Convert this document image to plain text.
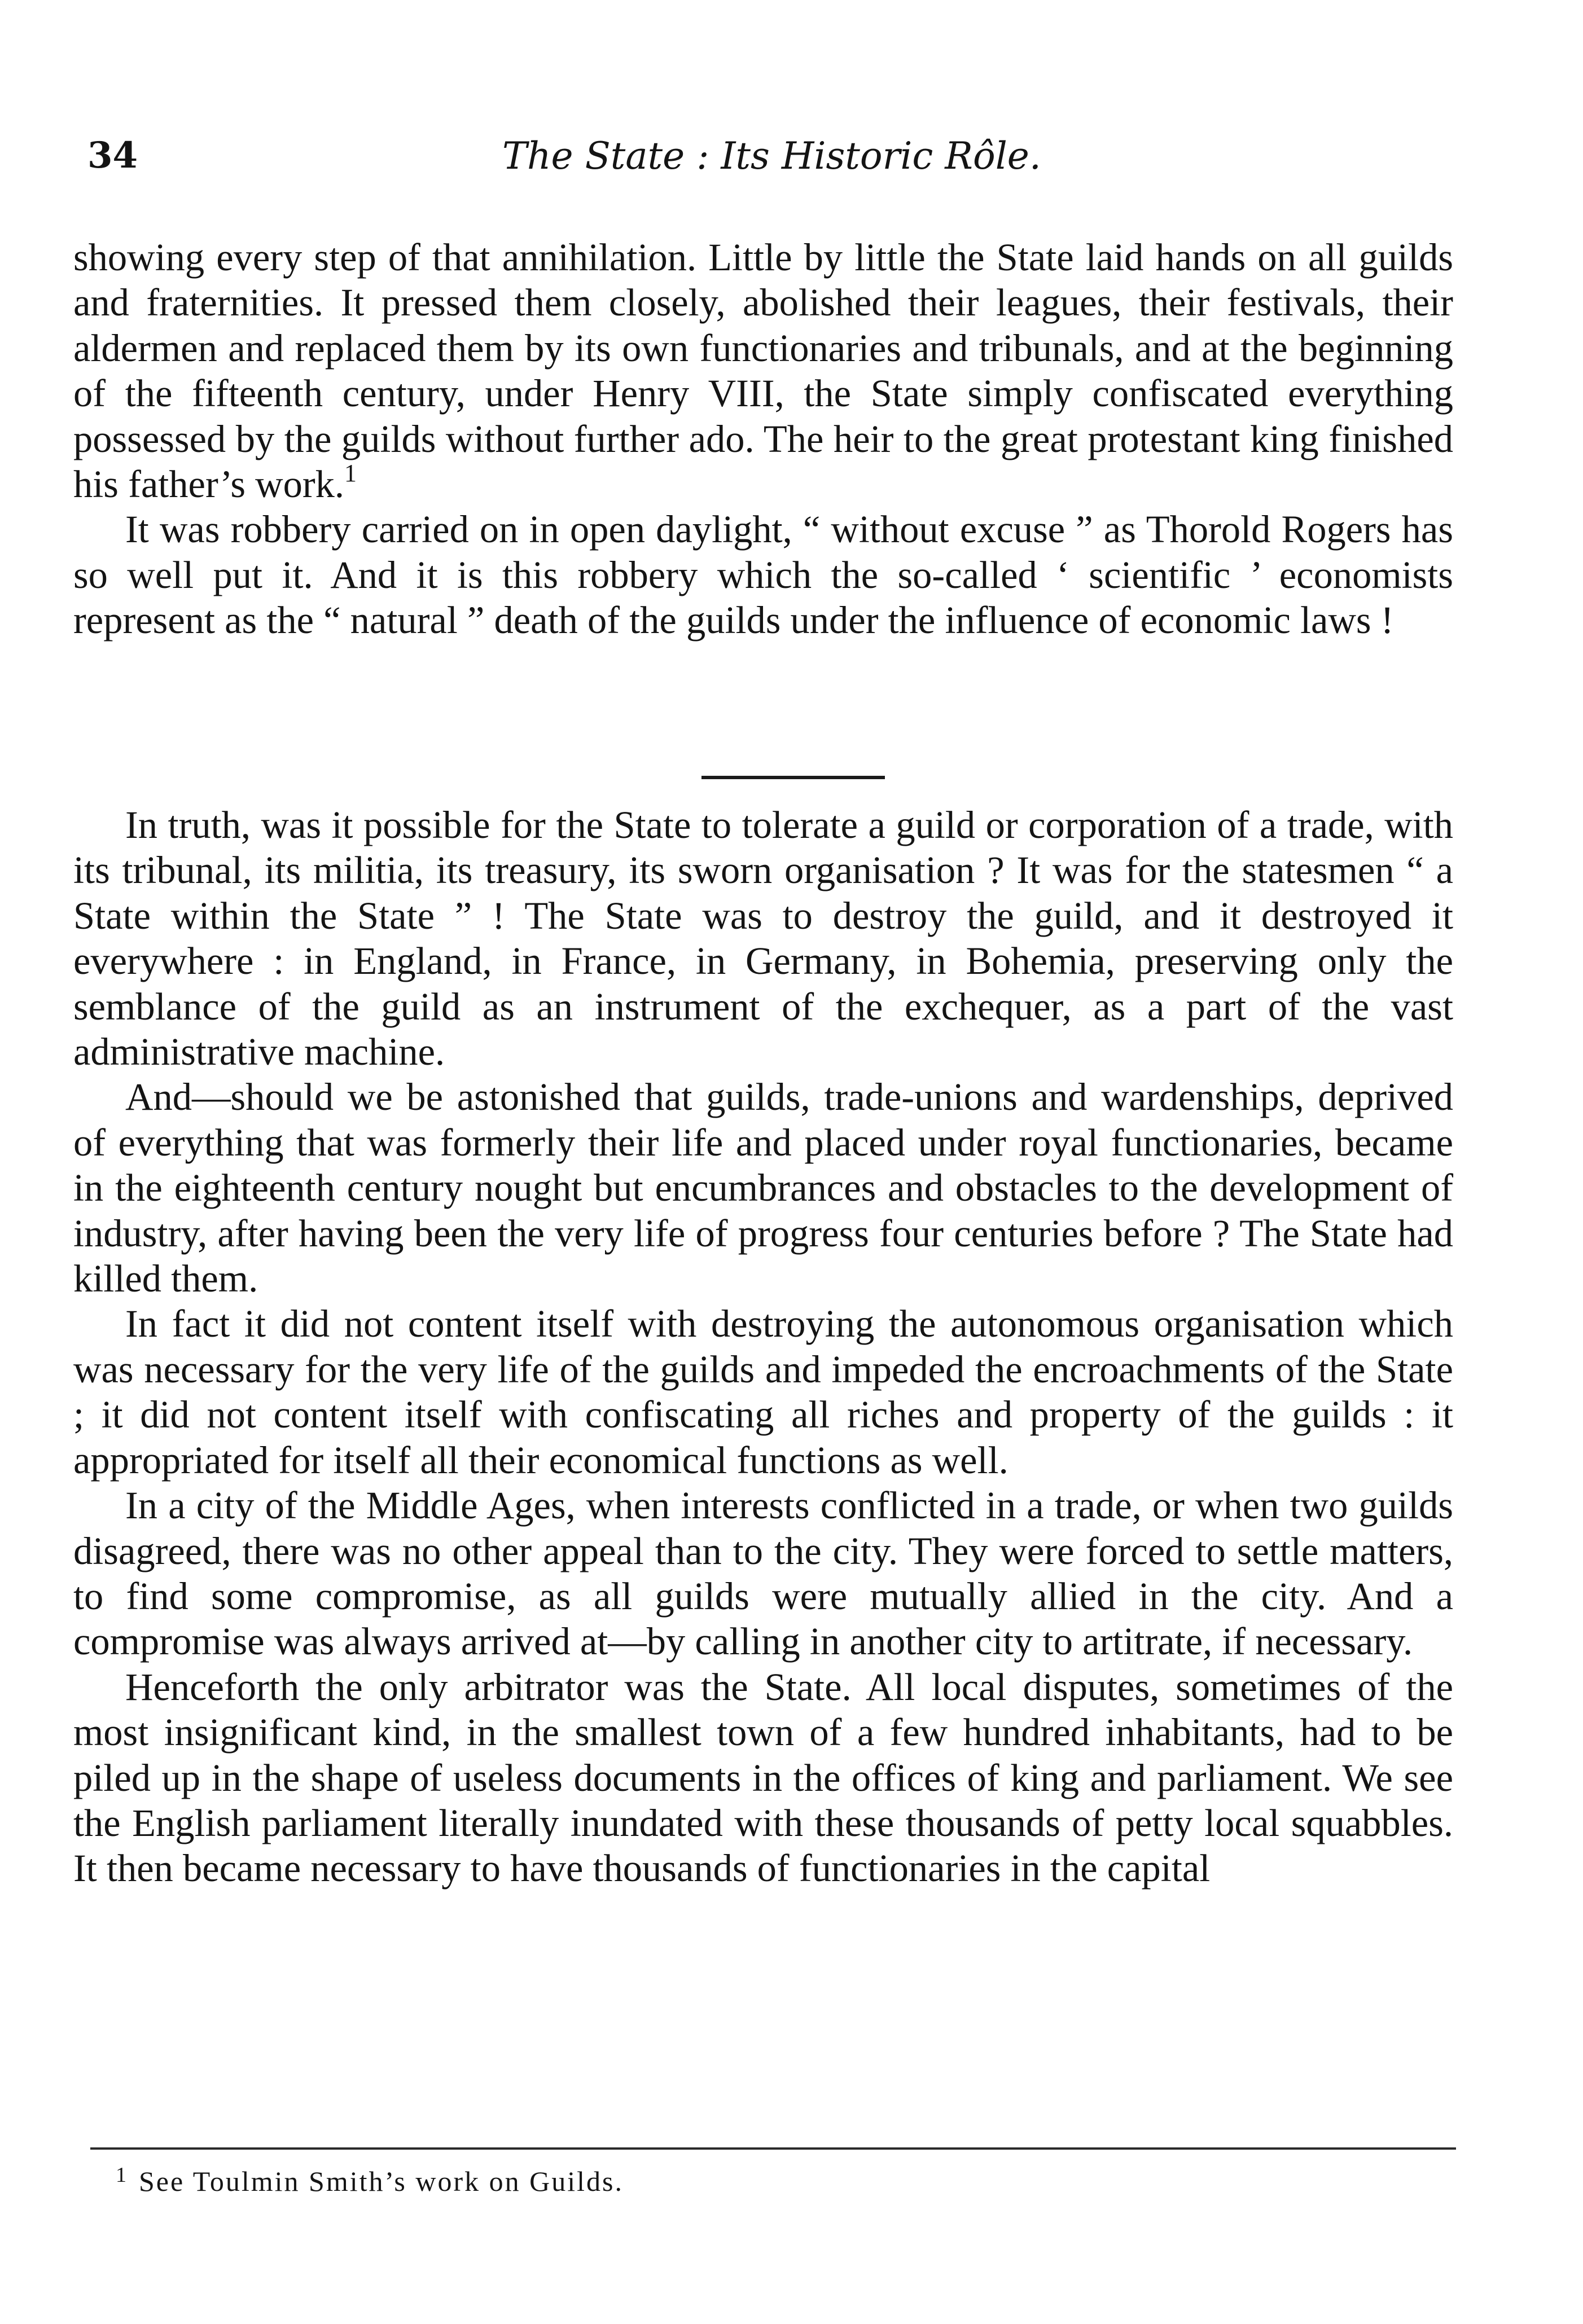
34	The State : Its Historic Rôle.

showing every step of that annihilation. Little by little the State laid hands on all guilds and fraternities. It pressed them closely, abolished their leagues, their festivals, their aldermen and replaced them by its own functionaries and tribunals, and at the beginning of the fifteenth century, under Henry VIII, the State simply confiscated everything possessed by the guilds without further ado. The heir to the great protestant king finished his father’s work.$^1$

It was robbery carried on in open daylight, “ without excuse ” as Thorold Rogers has so well put it. And it is this robbery which the so-called ‘ scientific ’ economists represent as the “ natural ” death of the guilds under the influence of economic laws !

In truth, was it possible for the State to tolerate a guild or corporation of a trade, with its tribunal, its militia, its treasury, its sworn organisation ? It was for the statesmen “ a State within the State ” ! The State was to destroy the guild, and it destroyed it everywhere : in England, in France, in Germany, in Bohemia, preserving only the semblance of the guild as an instrument of the exchequer, as a part of the vast administrative machine.

And—should we be astonished that guilds, trade-unions and wardenships, deprived of everything that was formerly their life and placed under royal functionaries, became in the eighteenth century nought but encumbrances and obstacles to the development of industry, after having been the very life of progress four centuries before ? The State had killed them.

In fact it did not content itself with destroying the autonomous organisation which was necessary for the very life of the guilds and impeded the encroachments of the State ; it did not content itself with confiscating all riches and property of the guilds : it appropriated for itself all their economical functions as well.

In a city of the Middle Ages, when interests conflicted in a trade, or when two guilds disagreed, there was no other appeal than to the city. They were forced to settle matters, to find some compromise, as all guilds were mutually allied in the city. And a compromise was always arrived at—by calling in another city to artitrate, if necessary.

Henceforth the only arbitrator was the State. All local disputes, sometimes of the most insignificant kind, in the smallest town of a few hundred inhabitants, had to be piled up in the shape of useless documents in the offices of king and parliament. We see the English parliament literally inundated with these thousands of petty local squabbles. It then became necessary to have thousands of functionaries in the capital

$^1$ See Toulmin Smith’s work on Guilds.
